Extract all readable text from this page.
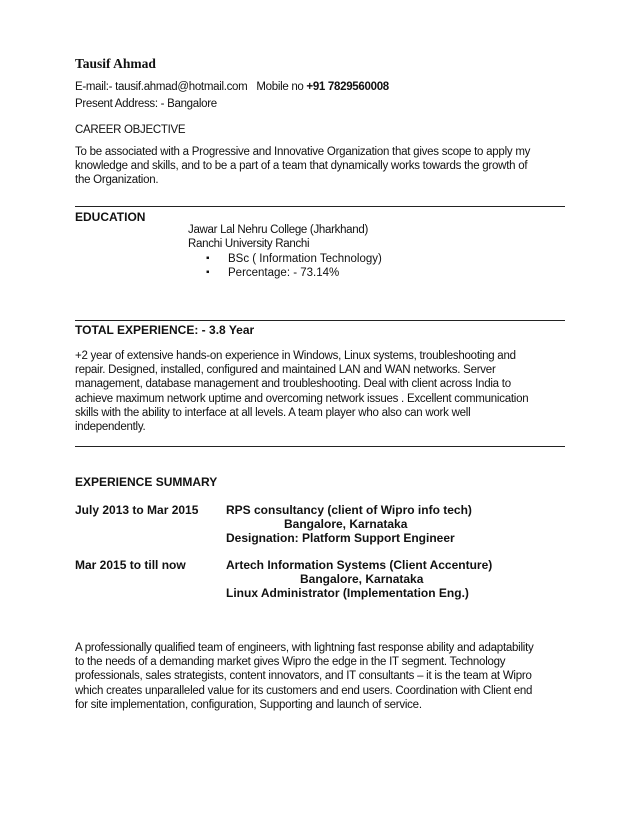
Tausif Ahmad
E-mail:- tausif.ahmad@hotmail.com Mobile no +91 7829560008
Present Address: - Bangalore
CAREER OBJECTIVE
To be associated with a Progressive and Innovative Organization that gives scope to apply my
knowledge and skills, and to be a part of a team that dynamically works towards the growth of
the Organization.
EDUCATION
Jawar Lal Nehru College (Jharkhand)
Ranchi University Ranchi
▪ BSc ( Information Technology)
▪ Percentage: - 73.14%
TOTAL EXPERIENCE: - 3.8 Year
+2 year of extensive hands-on experience in Windows, Linux systems, troubleshooting and
repair. Designed, installed, configured and maintained LAN and WAN networks. Server
management, database management and troubleshooting. Deal with client across India to
achieve maximum network uptime and overcoming network issues . Excellent communication
skills with the ability to interface at all levels. A team player who also can work well
independently.
EXPERIENCE SUMMARY
July 2013 to Mar 2015 RPS consultancy (client of Wipro info tech)
Bangalore, Karnataka
Designation: Platform Support Engineer
Mar 2015 to till now	Artech Information Systems (Client Accenture)
Bangalore, Karnataka
Linux Administrator (Implementation Eng.)
A professionally qualified team of engineers, with lightning fast response ability and adaptability
to the needs of a demanding market gives Wipro the edge in the IT segment. Technology
professionals, sales strategists, content innovators, and IT consultants – it is the team at Wipro
which creates unparalleled value for its customers and end users. Coordination with Client end
for site implementation, configuration, Supporting and launch of service.
